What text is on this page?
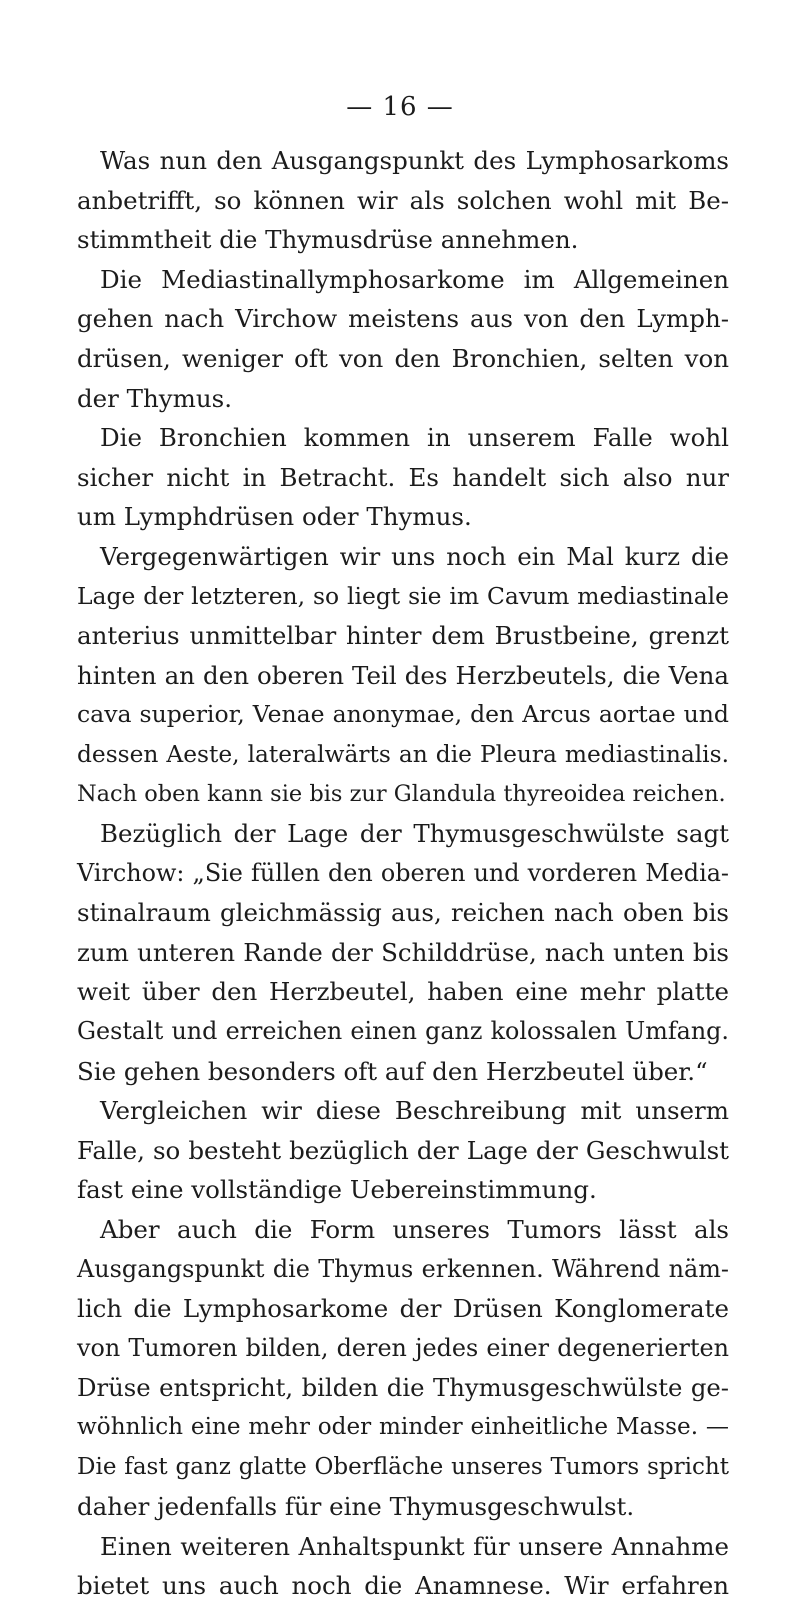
— 16 —
Was nun den Ausgangspunkt des Lymphosarkoms
anbetrifft, so können wir als solchen wohl mit Be-
stimmtheit die Thymusdrüse annehmen.
Die Mediastinallymphosarkome im Allgemeinen
gehen nach Virchow meistens aus von den Lymph-
drüsen, weniger oft von den Bronchien, selten von
der Thymus.
Die Bronchien kommen in unserem Falle wohl
sicher nicht in Betracht. Es handelt sich also nur
um Lymphdrüsen oder Thymus.
Vergegenwärtigen wir uns noch ein Mal kurz die
Lage der letzteren, so liegt sie im Cavum mediastinale
anterius unmittelbar hinter dem Brustbeine, grenzt
hinten an den oberen Teil des Herzbeutels, die Vena
cava superior, Venae anonymae, den Arcus aortae und
dessen Aeste, lateralwärts an die Pleura mediastinalis.
Nach oben kann sie bis zur Glandula thyreoidea reichen.
Bezüglich der Lage der Thymusgeschwülste sagt
Virchow: „Sie füllen den oberen und vorderen Media-
stinalraum gleichmässig aus, reichen nach oben bis
zum unteren Rande der Schilddrüse, nach unten bis
weit über den Herzbeutel, haben eine mehr platte
Gestalt und erreichen einen ganz kolossalen Umfang.
Sie gehen besonders oft auf den Herzbeutel über.“
Vergleichen wir diese Beschreibung mit unserm
Falle, so besteht bezüglich der Lage der Geschwulst
fast eine vollständige Uebereinstimmung.
Aber auch die Form unseres Tumors lässt als
Ausgangspunkt die Thymus erkennen. Während näm-
lich die Lymphosarkome der Drüsen Konglomerate
von Tumoren bilden, deren jedes einer degenerierten
Drüse entspricht, bilden die Thymusgeschwülste ge-
wöhnlich eine mehr oder minder einheitliche Masse. —
Die fast ganz glatte Oberfläche unseres Tumors spricht
daher jedenfalls für eine Thymusgeschwulst.
Einen weiteren Anhaltspunkt für unsere Annahme
bietet uns auch noch die Anamnese. Wir erfahren
